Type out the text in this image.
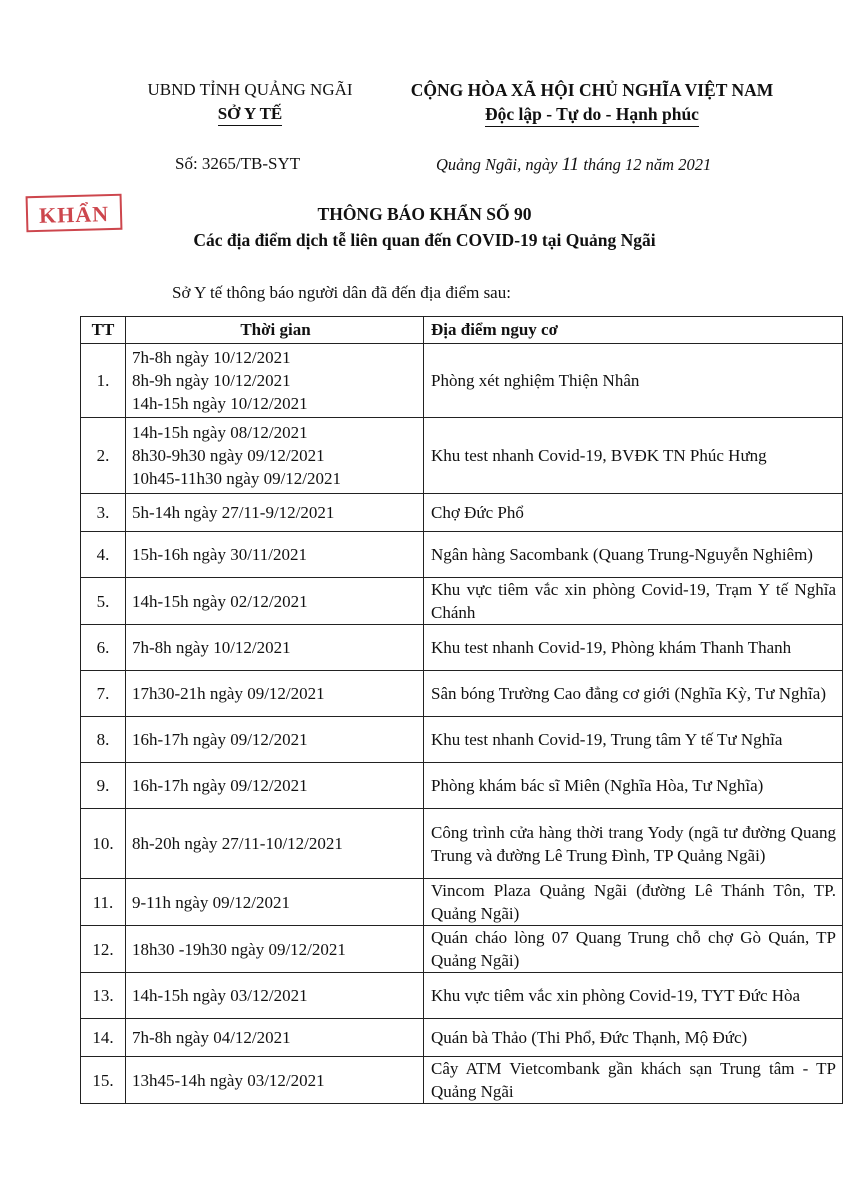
UBND TỈNH QUẢNG NGÃI
SỞ Y TẾ
CỘNG HÒA XÃ HỘI CHỦ NGHĨA VIỆT NAM
Độc lập - Tự do - Hạnh phúc
Số: 3265/TB-SYT	Quảng Ngãi, ngày 11 tháng 12 năm 2021
KHẨN	THÔNG BÁO KHẨN SỐ 90
Các địa điểm dịch tễ liên quan đến COVID-19 tại Quảng Ngãi
Sở Y tế thông báo người dân đã đến địa điểm sau:
TT	Thời gian	Địa điểm nguy cơ
1.	7h-8h ngày 10/12/2021
8h-9h ngày 10/12/2021
14h-15h ngày 10/12/2021	Phòng xét nghiệm Thiện Nhân
2.	14h-15h ngày 08/12/2021
8h30-9h30 ngày 09/12/2021
10h45-11h30 ngày 09/12/2021	Khu test nhanh Covid-19, BVĐK TN Phúc Hưng
3.	5h-14h ngày 27/11-9/12/2021	Chợ Đức Phổ
4.	15h-16h ngày 30/11/2021	Ngân hàng Sacombank (Quang Trung-Nguyễn Nghiêm)
5.	14h-15h ngày 02/12/2021	Khu vực tiêm vắc xin phòng Covid-19, Trạm Y tế Nghĩa Chánh
6.	7h-8h ngày 10/12/2021	Khu test nhanh Covid-19, Phòng khám Thanh Thanh
7.	17h30-21h ngày 09/12/2021	Sân bóng Trường Cao đẳng cơ giới (Nghĩa Kỳ, Tư Nghĩa)
8.	16h-17h ngày 09/12/2021	Khu test nhanh Covid-19, Trung tâm Y tế Tư Nghĩa
9.	16h-17h ngày 09/12/2021	Phòng khám bác sĩ Miên (Nghĩa Hòa, Tư Nghĩa)
10.	8h-20h ngày 27/11-10/12/2021	Công trình cửa hàng thời trang Yody (ngã tư đường Quang Trung và đường Lê Trung Đình, TP Quảng Ngãi)
11.	9-11h ngày 09/12/2021	Vincom Plaza Quảng Ngãi (đường Lê Thánh Tôn, TP. Quảng Ngãi)
12.	18h30 -19h30 ngày 09/12/2021	Quán cháo lòng 07 Quang Trung chỗ chợ Gò Quán, TP Quảng Ngãi)
13.	14h-15h ngày 03/12/2021	Khu vực tiêm vắc xin phòng Covid-19, TYT Đức Hòa
14.	7h-8h ngày 04/12/2021	Quán bà Thảo (Thi Phổ, Đức Thạnh, Mộ Đức)
15.	13h45-14h ngày 03/12/2021	Cây ATM Vietcombank gần khách sạn Trung tâm - TP Quảng Ngãi
